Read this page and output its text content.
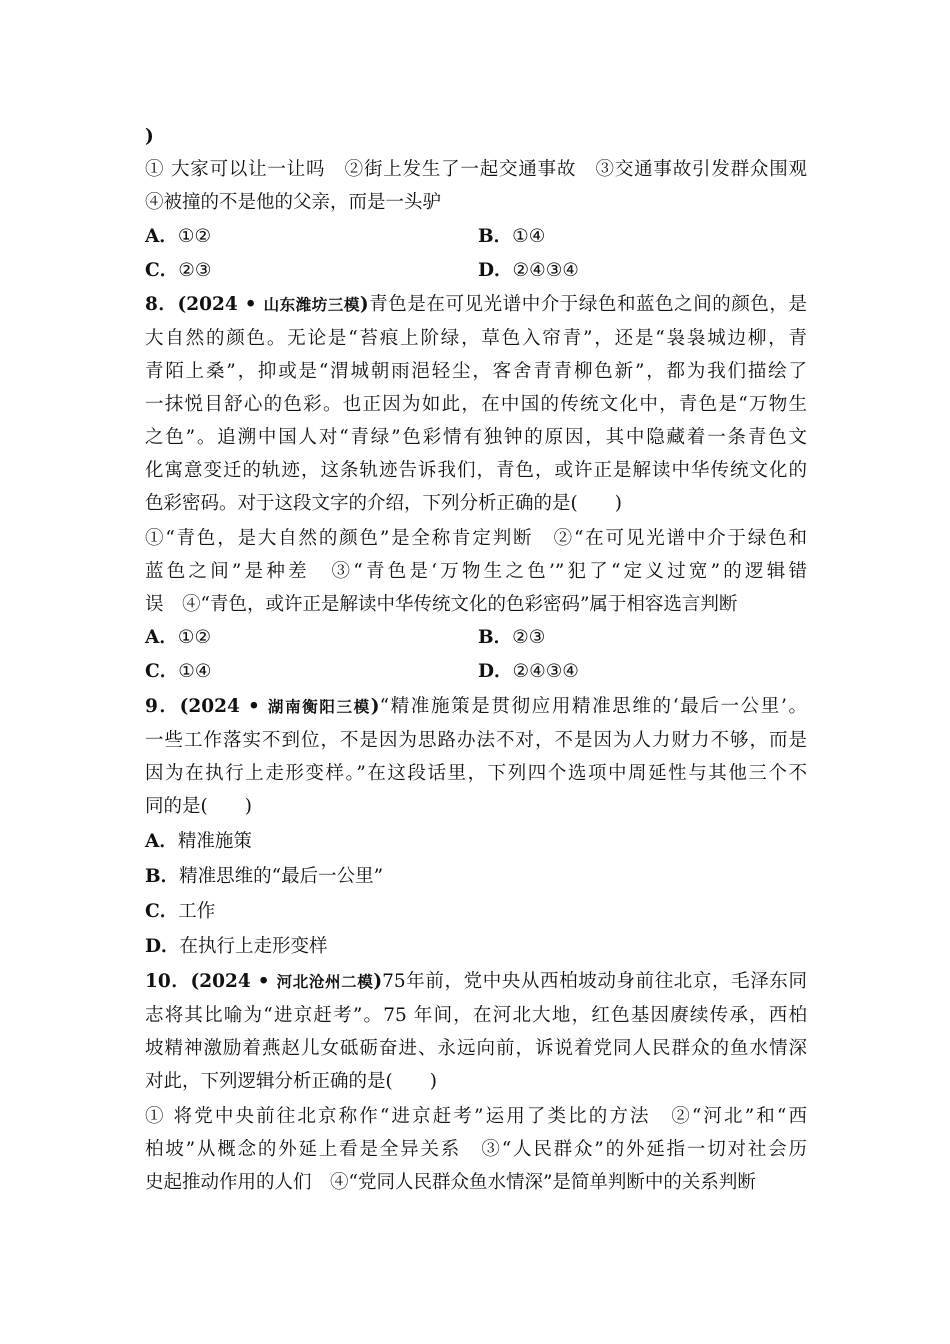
)
① 大家可以让一让吗　②街上发生了一起交通事故　③交通事故引发群众围观
④被撞的不是他的父亲，而是一头驴
A．①②	B．①④
C．②③	D．②④③④
8．(2024 • 山东潍坊三模)青色是在可见光谱中介于绿色和蓝色之间的颜色，是
大自然的颜色。无论是“苔痕上阶绿，草色入帘青”，还是“袅袅城边柳，青
青陌上桑”，抑或是“渭城朝雨浥轻尘，客舍青青柳色新”，都为我们描绘了
一抹悦目舒心的色彩。也正因为如此，在中国的传统文化中，青色是“万物生
之色”。追溯中国人对“青绿”色彩情有独钟的原因，其中隐藏着一条青色文
化寓意变迁的轨迹，这条轨迹告诉我们，青色，或许正是解读中华传统文化的
色彩密码。对于这段文字的介绍，下列分析正确的是(　　)
①“青色，是大自然的颜色”是全称肯定判断　②“在可见光谱中介于绿色和
蓝色之间”是种差　③“青色是‘万物生之色’”犯了“定义过宽”的逻辑错
误　④“青色，或许正是解读中华传统文化的色彩密码”属于相容选言判断
A．①②	B．②③
C．①④	D．②④③④
9．(2024 • 湖南衡阳三模)“精准施策是贯彻应用精准思维的‘最后一公里’。
一些工作落实不到位，不是因为思路办法不对，不是因为人力财力不够，而是
因为在执行上走形变样。”在这段话里，下列四个选项中周延性与其他三个不
同的是(　　)
A．精准施策
B．精准思维的“最后一公里”
C．工作
D．在执行上走形变样
10．(2024 • 河北沧州二模)75年前，党中央从西柏坡动身前往北京，毛泽东同
志将其比喻为“进京赶考”。75 年间，在河北大地，红色基因赓续传承，西柏
坡精神激励着燕赵儿女砥砺奋进、永远向前，诉说着党同人民群众的鱼水情深
对此，下列逻辑分析正确的是(　　)
① 将党中央前往北京称作“进京赶考”运用了类比的方法　②“河北”和“西
柏坡”从概念的外延上看是全异关系　③“人民群众”的外延指一切对社会历
史起推动作用的人们　④“党同人民群众鱼水情深”是简单判断中的关系判断
